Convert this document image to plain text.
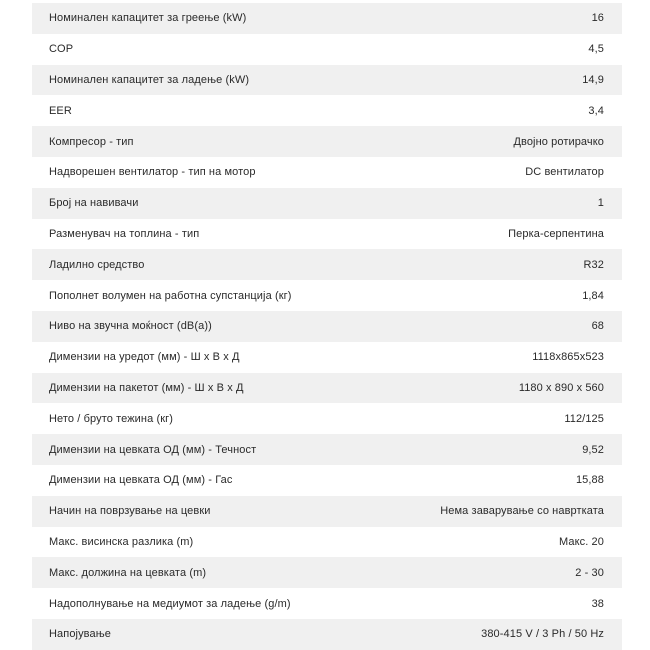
Номинален капацитет за греење (kW)	16
COP	4,5
Номинален капацитет за ладење (kW)	14,9
EER	3,4
Компресор - тип	Двојно ротирачко
Надворешен вентилатор - тип на мотор	DC вентилатор
Број на навивачи	1
Разменувач на топлина - тип	Перка-серпентина
Ладилно средство	R32
Пополнет волумен на работна супстанција (кг)	1,84
Ниво на звучна моќност (dB(a))	68
Димензии на уредот (мм) - Ш х В х Д	1118x865x523
Димензии на пакетот (мм) - Ш х В х Д	1180 x 890 x 560
Нето / бруто тежина (кг)	112/125
Димензии на цевката ОД (мм) - Течност	9,52
Димензии на цевката ОД (мм) - Гас	15,88
Начин на поврзување на цевки	Нема заварување со навртката
Макс. висинска разлика (m)	Макс. 20
Макс. должина на цевката (m)	2 - 30
Надополнување на медиумот за ладење (g/m)	38
Напојување	380-415 V / 3 Ph / 50 Hz
